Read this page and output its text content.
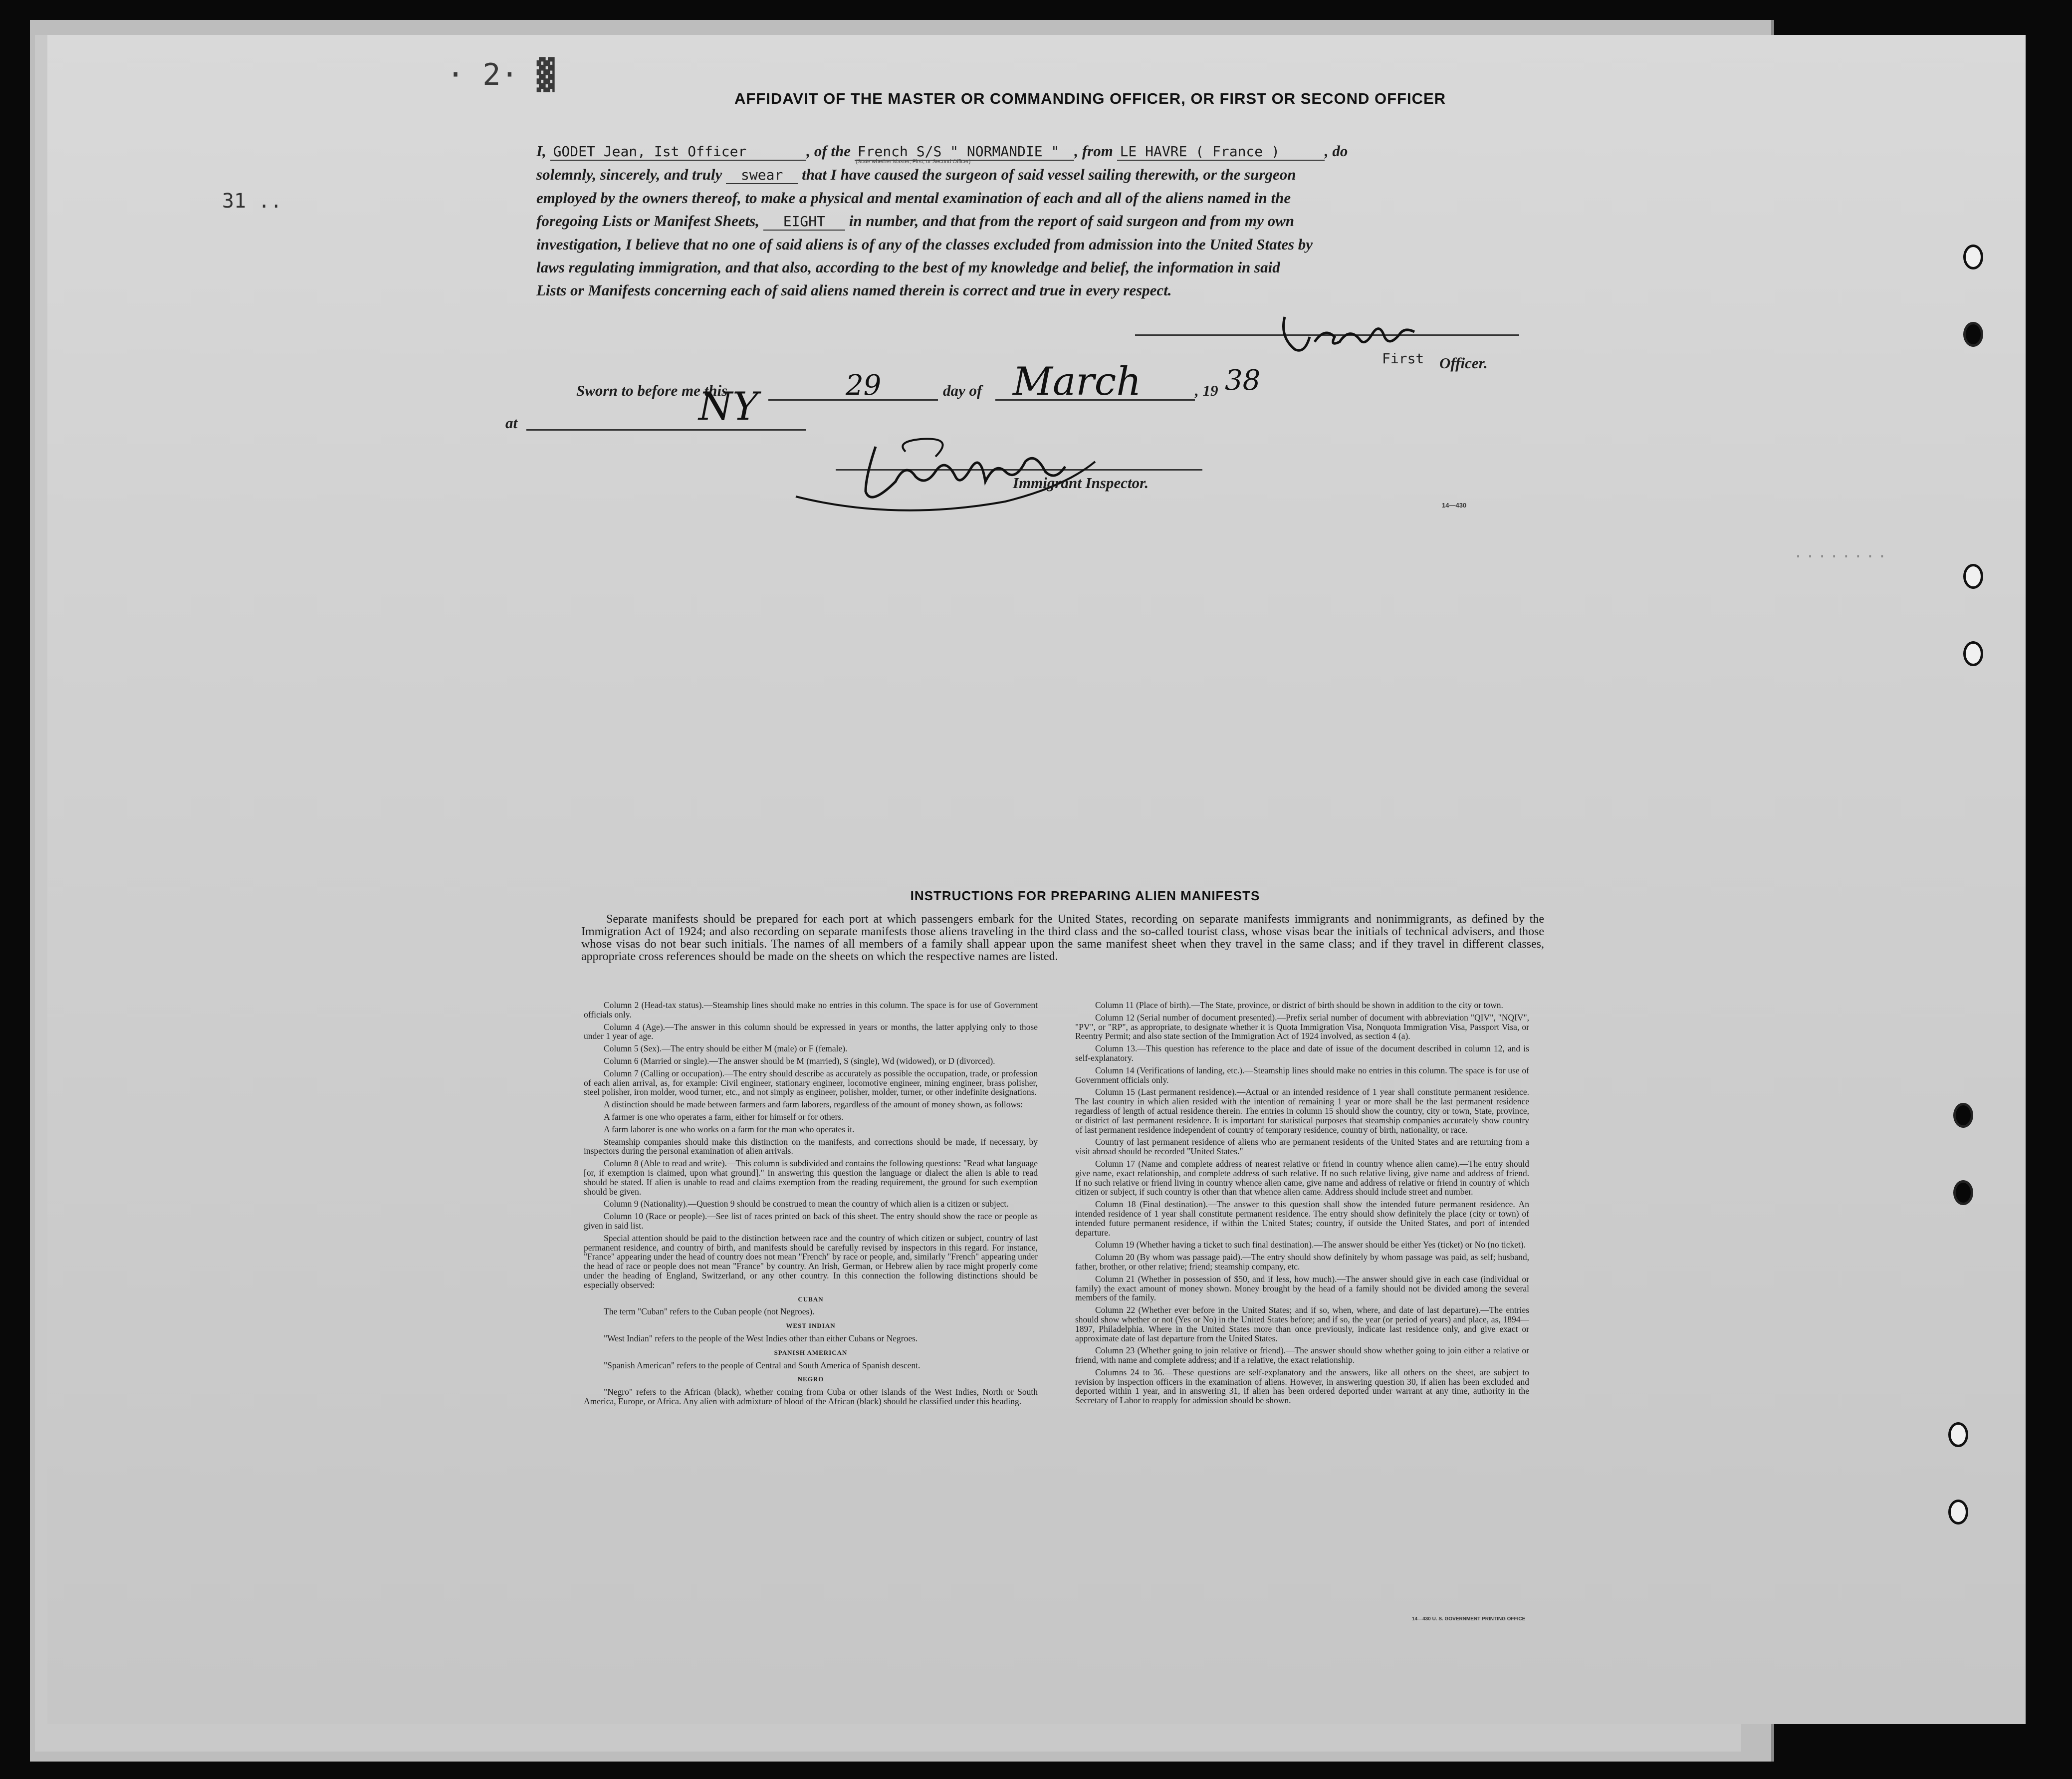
· 2· ▓
31 ..
........
AFFIDAVIT OF THE MASTER OR COMMANDING OFFICER, OR FIRST OR SECOND OFFICER

I, GODET Jean, Ist Officer	, of the French S/S " NORMANDIE " , from LE HAVRE ( France )	, do

solemnly, sincerely, and truly swear that I have caused the surgeon of said vessel sailing therewith, or the surgeon

employed by the owners thereof, to make a physical and mental examination of each and all of the aliens named in the

foregoing Lists or Manifest Sheets, EIGHT in number, and that from the report of said surgeon and from my own

investigation, I believe that no one of said aliens is of any of the classes excluded from admission into the United States by

laws regulating immigration, and that also, according to the best of my knowledge and belief, the information in said

Lists or Manifests concerning each of said aliens named therein is correct and true in every respect.

(State whether Master, First, or Second Officer)
First Officer.
Sworn to before me this	29	day of March	, 19 38
at	NY
Immigrant Inspector.
14—430
INSTRUCTIONS FOR PREPARING ALIEN MANIFESTS
Separate manifests should be prepared for each port at which passengers embark for the United States, recording on separate manifests immigrants and nonimmigrants, as defined by the Immigration Act of 1924; and also recording on separate manifests those aliens traveling in the third class and the so-called tourist class, whose visas bear the initials of technical advisers, and those whose visas do not bear such initials. The names of all members of a family shall appear upon the same manifest sheet when they travel in the same class; and if they travel in different classes, appropriate cross references should be made on the sheets on which the respective names are listed.

Column 2 (Head-tax status).—Steamship lines should make no entries in this column. The space is for use of Government officials only.

Column 4 (Age).—The answer in this column should be expressed in years or months, the latter applying only to those under 1 year of age.

Column 5 (Sex).—The entry should be either M (male) or F (female).

Column 6 (Married or single).—The answer should be M (married), S (single), Wd (widowed), or D (divorced).

Column 7 (Calling or occupation).—The entry should describe as accurately as possible the occupation, trade, or profession of each alien arrival, as, for example: Civil engineer, stationary engineer, locomotive engineer, mining engineer, brass polisher, steel polisher, iron molder, wood turner, etc., and not simply as engineer, polisher, molder, turner, or other indefinite designations.

A distinction should be made between farmers and farm laborers, regardless of the amount of money shown, as follows:

A farmer is one who operates a farm, either for himself or for others.

A farm laborer is one who works on a farm for the man who operates it.

Steamship companies should make this distinction on the manifests, and corrections should be made, if necessary, by inspectors during the personal examination of alien arrivals.

Column 8 (Able to read and write).—This column is subdivided and contains the following questions: "Read what language [or, if exemption is claimed, upon what ground]." In answering this question the language or dialect the alien is able to read should be stated. If alien is unable to read and claims exemption from the reading requirement, the ground for such exemption should be given.

Column 9 (Nationality).—Question 9 should be construed to mean the country of which alien is a citizen or subject.

Column 10 (Race or people).—See list of races printed on back of this sheet. The entry should show the race or people as given in said list.

Special attention should be paid to the distinction between race and the country of which citizen or subject, country of last permanent residence, and country of birth, and manifests should be carefully revised by inspectors in this regard. For instance, "France" appearing under the head of country does not mean "French" by race or people, and, similarly "French" appearing under the head of race or people does not mean "France" by country. An Irish, German, or Hebrew alien by race might properly come under the heading of England, Switzerland, or any other country. In this connection the following distinctions should be especially observed:

CUBAN

The term "Cuban" refers to the Cuban people (not Negroes).

WEST INDIAN

"West Indian" refers to the people of the West Indies other than either Cubans or Negroes.

SPANISH AMERICAN

"Spanish American" refers to the people of Central and South America of Spanish descent.

NEGRO

"Negro" refers to the African (black), whether coming from Cuba or other islands of the West Indies, North or South America, Europe, or Africa. Any alien with admixture of blood of the African (black) should be classified under this heading.

Column 11 (Place of birth).—The State, province, or district of birth should be shown in addition to the city or town.

Column 12 (Serial number of document presented).—Prefix serial number of document with abbreviation "QIV", "NQIV", "PV", or "RP", as appropriate, to designate whether it is Quota Immigration Visa, Nonquota Immigration Visa, Passport Visa, or Reentry Permit; and also state section of the Immigration Act of 1924 involved, as section 4 (a).

Column 13.—This question has reference to the place and date of issue of the document described in column 12, and is self-explanatory.

Column 14 (Verifications of landing, etc.).—Steamship lines should make no entries in this column. The space is for use of Government officials only.

Column 15 (Last permanent residence).—Actual or an intended residence of 1 year shall constitute permanent residence. The last country in which alien resided with the intention of remaining 1 year or more shall be the last permanent residence regardless of length of actual residence therein. The entries in column 15 should show the country, city or town, State, province, or district of last permanent residence. It is important for statistical purposes that steamship companies accurately show country of last permanent residence independent of country of temporary residence, country of birth, nationality, or race.

Country of last permanent residence of aliens who are permanent residents of the United States and are returning from a visit abroad should be recorded "United States."

Column 17 (Name and complete address of nearest relative or friend in country whence alien came).—The entry should give name, exact relationship, and complete address of such relative. If no such relative living, give name and address of friend. If no such relative or friend living in country whence alien came, give name and address of relative or friend in country of which citizen or subject, if such country is other than that whence alien came. Address should include street and number.

Column 18 (Final destination).—The answer to this question shall show the intended future permanent residence. An intended residence of 1 year shall constitute permanent residence. The entry should show definitely the place (city or town) of intended future permanent residence, if within the United States; country, if outside the United States, and port of intended departure.

Column 19 (Whether having a ticket to such final destination).—The answer should be either Yes (ticket) or No (no ticket).

Column 20 (By whom was passage paid).—The entry should show definitely by whom passage was paid, as self; husband, father, brother, or other relative; friend; steamship company, etc.

Column 21 (Whether in possession of $50, and if less, how much).—The answer should give in each case (individual or family) the exact amount of money shown. Money brought by the head of a family should not be divided among the several members of the family.

Column 22 (Whether ever before in the United States; and if so, when, where, and date of last departure).—The entries should show whether or not (Yes or No) in the United States before; and if so, the year (or period of years) and place, as, 1894—1897, Philadelphia. Where in the United States more than once previously, indicate last residence only, and give exact or approximate date of last departure from the United States.

Column 23 (Whether going to join relative or friend).—The answer should show whether going to join either a relative or friend, with name and complete address; and if a relative, the exact relationship.

Columns 24 to 36.—These questions are self-explanatory and the answers, like all others on the sheet, are subject to revision by inspection officers in the examination of aliens. However, in answering question 30, if alien has been excluded and deported within 1 year, and in answering 31, if alien has been ordered deported under warrant at any time, authority in the Secretary of Labor to reapply for admission should be shown.

14—430 U. S. GOVERNMENT PRINTING OFFICE
